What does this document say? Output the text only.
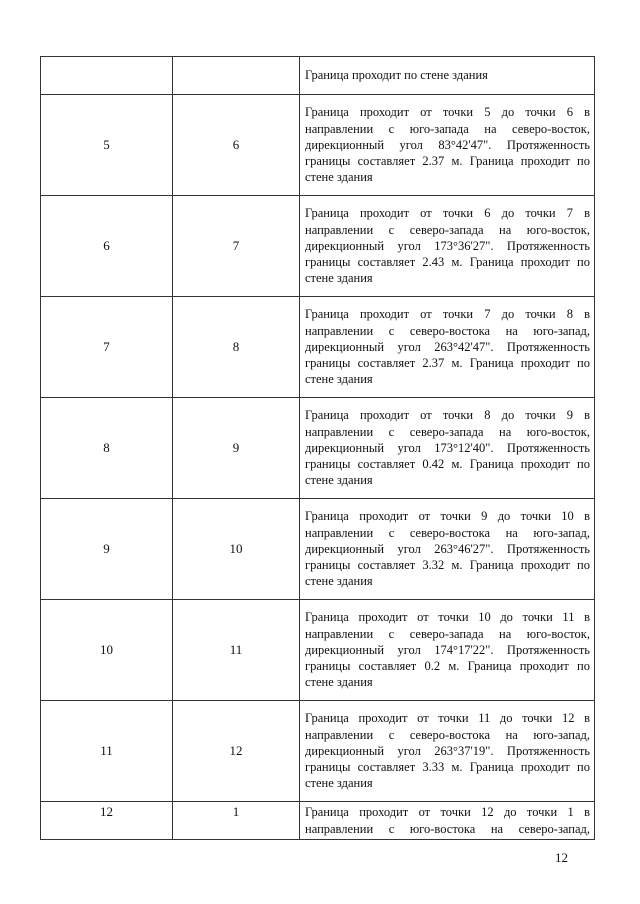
		Граница проходит по стене здания

5	6	Граница проходит от точки 5 до точки 6 в направлении с юго-запада на северо-восток, дирекционный угол 83°42'47". Протяженность границы составляет 2.37 м. Граница проходит по стене здания

6	7	Граница проходит от точки 6 до точки 7 в направлении с северо-запада на юго-восток, дирекционный угол 173°36'27". Протяженность границы составляет 2.43 м. Граница проходит по стене здания

7	8	Граница проходит от точки 7 до точки 8 в направлении с северо-востока на юго-запад, дирекционный угол 263°42'47". Протяженность границы составляет 2.37 м. Граница проходит по стене здания

8	9	Граница проходит от точки 8 до точки 9 в направлении с северо-запада на юго-восток, дирекционный угол 173°12'40". Протяженность границы составляет 0.42 м. Граница проходит по стене здания

9	10	Граница проходит от точки 9 до точки 10 в направлении с северо-востока на юго-запад, дирекционный угол 263°46'27". Протяженность границы составляет 3.32 м. Граница проходит по стене здания

10	11	Граница проходит от точки 10 до точки 11 в направлении с северо-запада на юго-восток, дирекционный угол 174°17'22". Протяженность границы составляет 0.2 м. Граница проходит по стене здания

11	12	Граница проходит от точки 11 до точки 12 в направлении с северо-востока на юго-запад, дирекционный угол 263°37'19". Протяженность границы составляет 3.33 м. Граница проходит по стене здания

12	1	Граница проходит от точки 12 до точки 1 в направлении с юго-востока на северо-запад,
12
